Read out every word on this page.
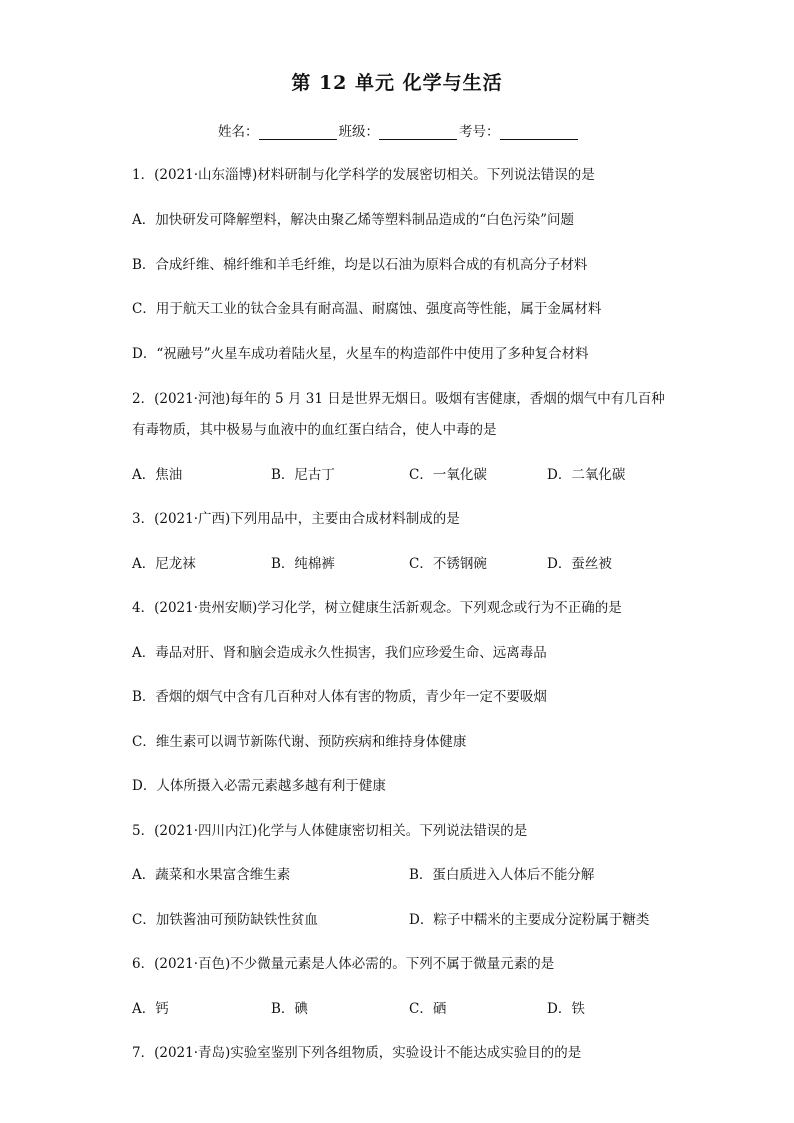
第 12 单元 化学与生活
姓名：	班级：	考号：
1．(2021·山东淄博)材料研制与化学科学的发展密切相关。下列说法错误的是
A．加快研发可降解塑料，解决由聚乙烯等塑料制品造成的“白色污染”问题
B．合成纤维、棉纤维和羊毛纤维，均是以石油为原料合成的有机高分子材料
C．用于航天工业的钛合金具有耐高温、耐腐蚀、强度高等性能，属于金属材料
D．“祝融号”火星车成功着陆火星，火星车的构造部件中使用了多种复合材料
2．(2021·河池)每年的 5 月 31 日是世界无烟日。吸烟有害健康，香烟的烟气中有几百种
有毒物质，其中极易与血液中的血红蛋白结合，使人中毒的是
A．焦油	B．尼古丁	C．一氧化碳	D．二氧化碳
3．(2021·广西)下列用品中，主要由合成材料制成的是
A．尼龙袜	B．纯棉裤	C．不锈钢碗	D．蚕丝被
4．(2021·贵州安顺)学习化学，树立健康生活新观念。下列观念或行为不正确的是
A．毒品对肝、肾和脑会造成永久性损害，我们应珍爱生命、远离毒品
B．香烟的烟气中含有几百种对人体有害的物质，青少年一定不要吸烟
C．维生素可以调节新陈代谢、预防疾病和维持身体健康
D．人体所摄入必需元素越多越有利于健康
5．(2021·四川内江)化学与人体健康密切相关。下列说法错误的是
A．蔬菜和水果富含维生素	B．蛋白质进入人体后不能分解
C．加铁酱油可预防缺铁性贫血	D．粽子中糯米的主要成分淀粉属于糖类
6．(2021·百色)不少微量元素是人体必需的。下列不属于微量元素的是
A．钙	B．碘	C．硒	D．铁
7．(2021·青岛)实验室鉴别下列各组物质，实验设计不能达成实验目的的是
